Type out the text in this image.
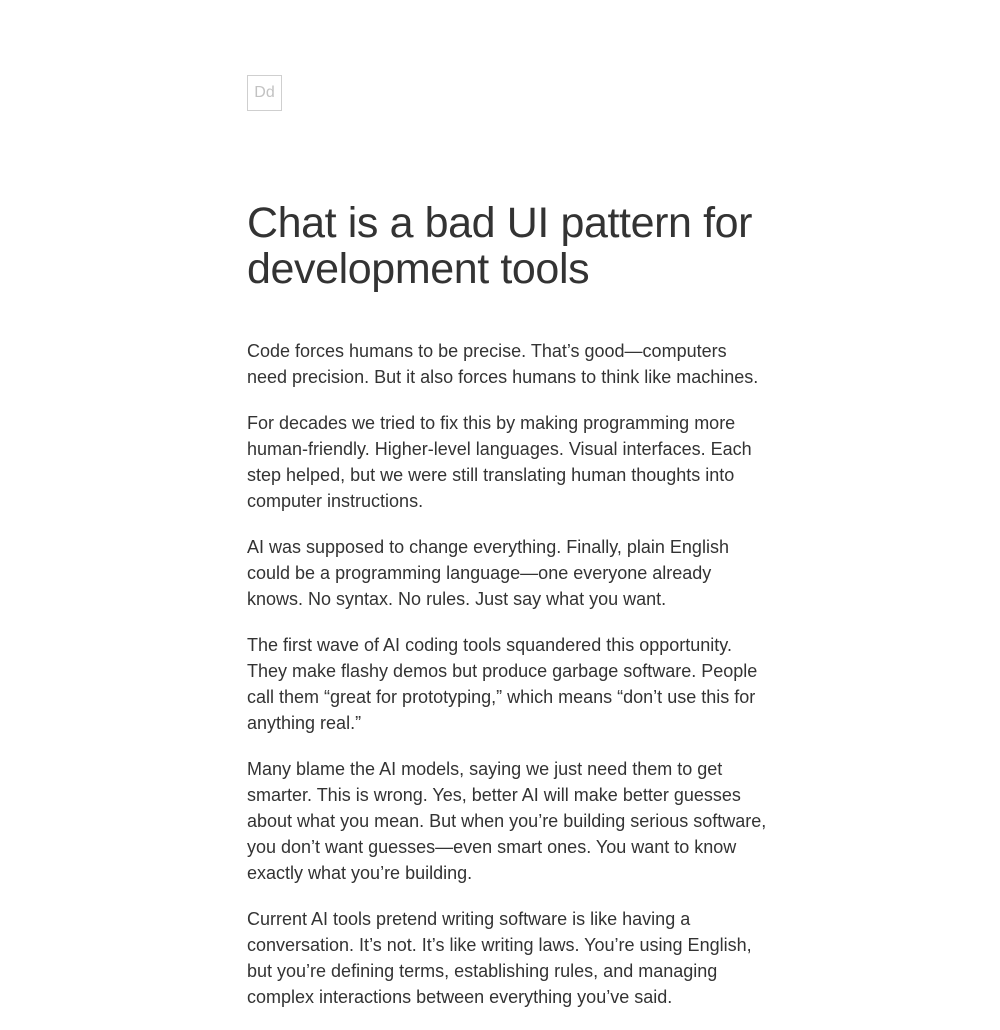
Dd
Chat is a bad UI pattern for development tools

Code forces humans to be precise. That’s good—computers need precision. But it also forces humans to think like machines.

For decades we tried to fix this by making programming more human-friendly. Higher-level languages. Visual interfaces. Each step helped, but we were still translating human thoughts into computer instructions.

AI was supposed to change everything. Finally, plain English could be a programming language—one everyone already knows. No syntax. No rules. Just say what you want.

The first wave of AI coding tools squandered this opportunity. They make flashy demos but produce garbage software. People call them “great for prototyping,” which means “don’t use this for anything real.”

Many blame the AI models, saying we just need them to get smarter. This is wrong. Yes, better AI will make better guesses about what you mean. But when you’re building serious software, you don’t want guesses—even smart ones. You want to know exactly what you’re building.

Current AI tools pretend writing software is like having a conversation. It’s not. It’s like writing laws. You’re using English, but you’re defining terms, establishing rules, and managing complex interactions between everything you’ve said.
